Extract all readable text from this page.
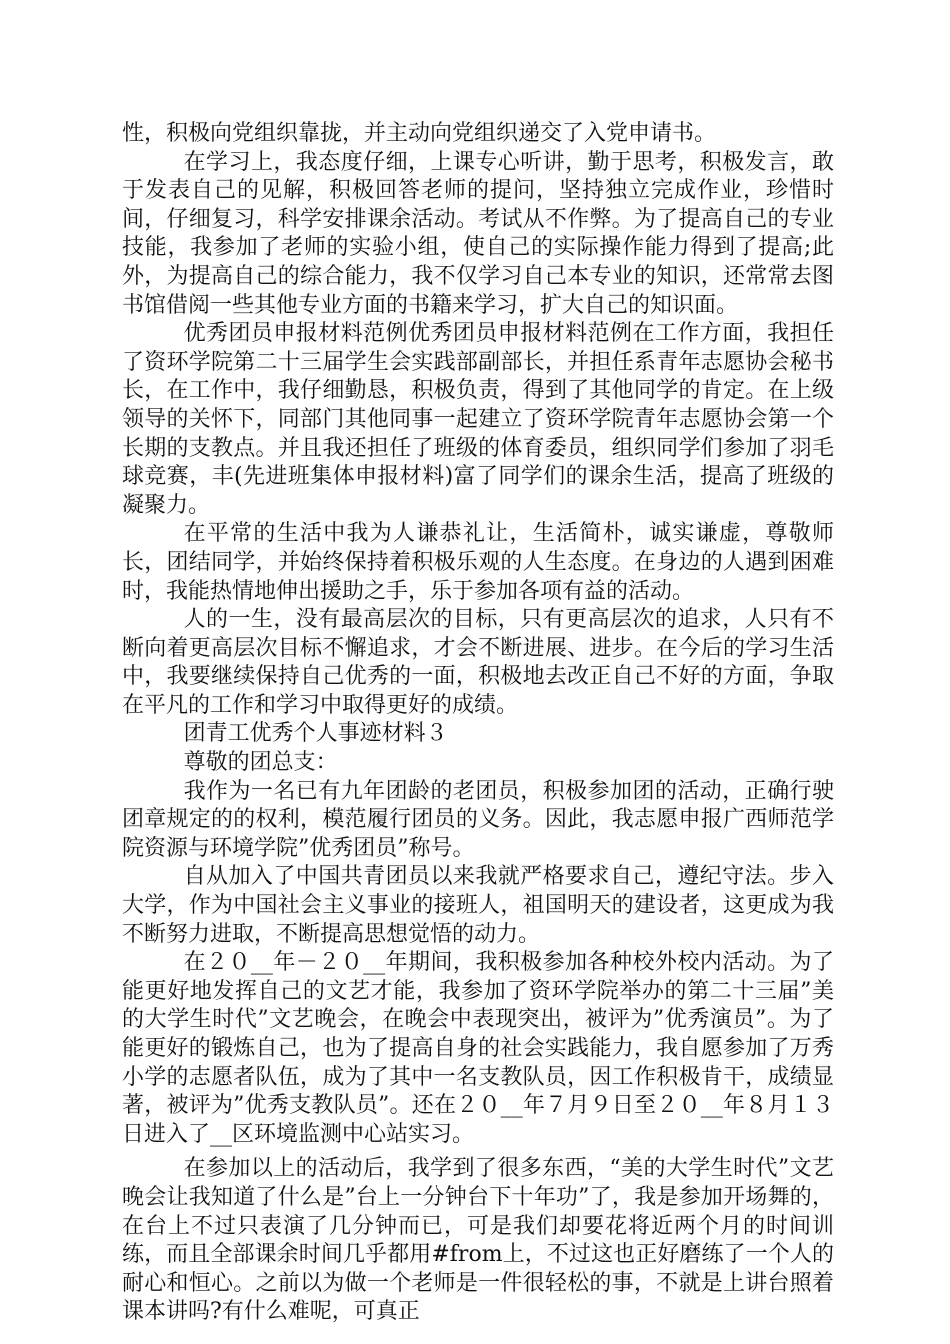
性，积极向党组织靠拢，并主动向党组织递交了入党申请书。

在学习上，我态度仔细，上课专心听讲，勤于思考，积极发言，敢于发表自己的见解，积极回答老师的提问，坚持独立完成作业，珍惜时间，仔细复习，科学安排课余活动。考试从不作弊。为了提高自己的专业技能，我参加了老师的实验小组，使自己的实际操作能力得到了提高;此外，为提高自己的综合能力，我不仅学习自己本专业的知识，还常常去图书馆借阅一些其他专业方面的书籍来学习，扩大自己的知识面。

优秀团员申报材料范例优秀团员申报材料范例在工作方面，我担任了资环学院第二十三届学生会实践部副部长，并担任系青年志愿协会秘书长，在工作中，我仔细勤恳，积极负责，得到了其他同学的肯定。在上级领导的关怀下，同部门其他同事一起建立了资环学院青年志愿协会第一个长期的支教点。并且我还担任了班级的体育委员，组织同学们参加了羽毛球竞赛，丰(先进班集体申报材料)富了同学们的课余生活，提高了班级的凝聚力。

在平常的生活中我为人谦恭礼让，生活简朴，诚实谦虚，尊敬师长，团结同学，并始终保持着积极乐观的人生态度。在身边的人遇到困难时，我能热情地伸出援助之手，乐于参加各项有益的活动。

人的一生，没有最高层次的目标，只有更高层次的追求，人只有不断向着更高层次目标不懈追求，才会不断进展、进步。在今后的学习生活中，我要继续保持自己优秀的一面，积极地去改正自己不好的方面，争取在平凡的工作和学习中取得更好的成绩。

团青工优秀个人事迹材料３

尊敬的团总支：

我作为一名已有九年团龄的老团员，积极参加团的活动，正确行驶团章规定的的权利，模范履行团员的义务。因此，我志愿申报广西师范学院资源与环境学院”优秀团员”称号。

自从加入了中国共青团员以来我就严格要求自己，遵纪守法。步入大学，作为中国社会主义事业的接班人，祖国明天的建设者，这更成为我不断努力进取，不断提高思想觉悟的动力。

在２０__年－２０__年期间，我积极参加各种校外校内活动。为了能更好地发挥自己的文艺才能，我参加了资环学院举办的第二十三届”美的大学生时代”文艺晚会，在晚会中表现突出，被评为”优秀演员”。为了能更好的锻炼自己，也为了提高自身的社会实践能力，我自愿参加了万秀小学的志愿者队伍，成为了其中一名支教队员，因工作积极肯干，成绩显著，被评为”优秀支教队员”。还在２０__年７月９日至２０__年８月１３日进入了__区环境监测中心站实习。

在参加以上的活动后，我学到了很多东西，“美的大学生时代”文艺晚会让我知道了什么是”台上一分钟台下十年功”了，我是参加开场舞的，在台上不过只表演了几分钟而已，可是我们却要花将近两个月的时间训练，而且全部课余时间几乎都用#from上，不过这也正好磨练了一个人的耐心和恒心。之前以为做一个老师是一件很轻松的事，不就是上讲台照着课本讲吗?有什么难呢，可真正
